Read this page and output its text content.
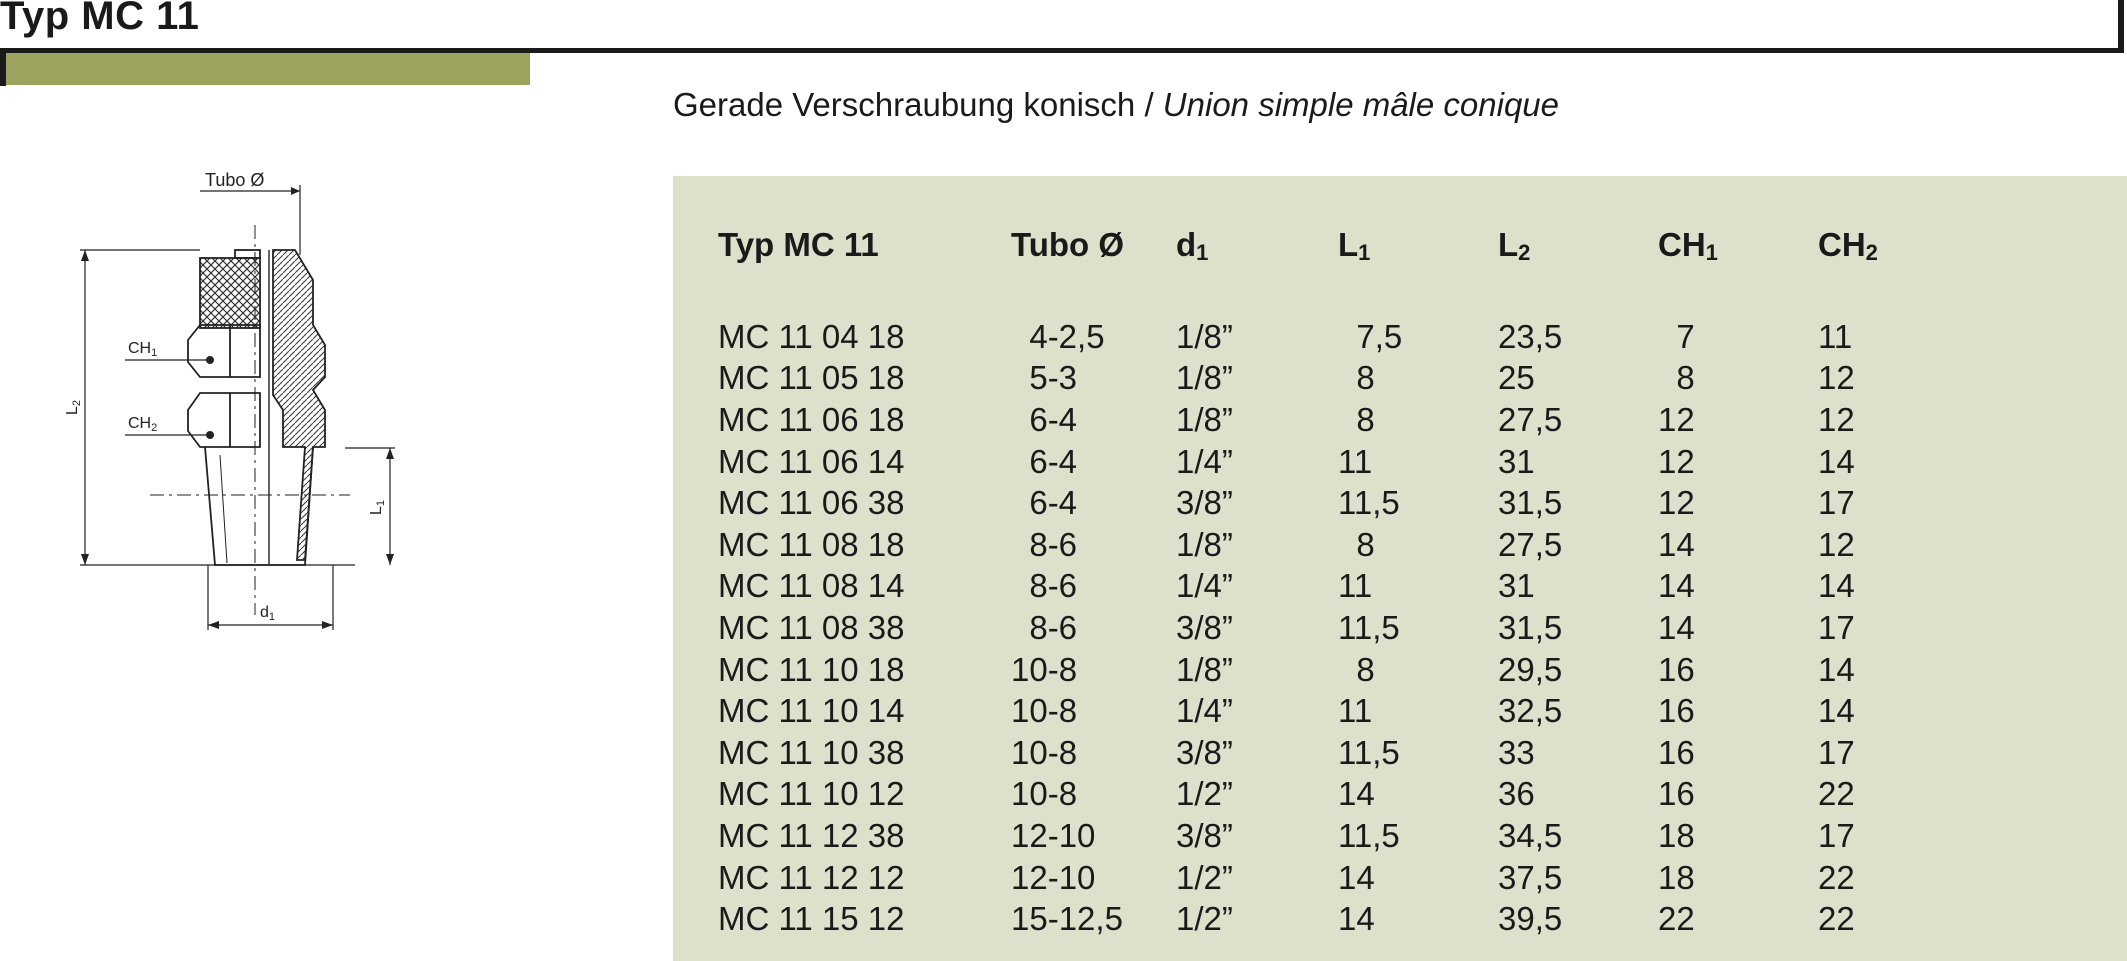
Typ MC 11
Gerade Verschraubung konisch / Union simple mâle conique
Tubo Ø
CH1
CH2
L2
L1
d1
Typ MC 11	Tubo Ø	$d_1$	$L_1$	$L_2$	$CH_1$	$CH_2$
MC 11 04 18	4-2,5	1/8”	7,5	23,5	7	11
MC 11 05 18	5-3	1/8”	8	25	8	12
MC 11 06 18	6-4	1/8”	8	27,5	12	12
MC 11 06 14	6-4	1/4”	11	31	12	14
MC 11 06 38	6-4	3/8”	11,5	31,5	12	17
MC 11 08 18	8-6	1/8”	8	27,5	14	12
MC 11 08 14	8-6	1/4”	11	31	14	14
MC 11 08 38	8-6	3/8”	11,5	31,5	14	17
MC 11 10 18	10-8	1/8”	8	29,5	16	14
MC 11 10 14	10-8	1/4”	11	32,5	16	14
MC 11 10 38	10-8	3/8”	11,5	33	16	17
MC 11 10 12	10-8	1/2”	14	36	16	22
MC 11 12 38	12-10	3/8”	11,5	34,5	18	17
MC 11 12 12	12-10	1/2”	14	37,5	18	22
MC 11 15 12	15-12,5	1/2”	14	39,5	22	22
